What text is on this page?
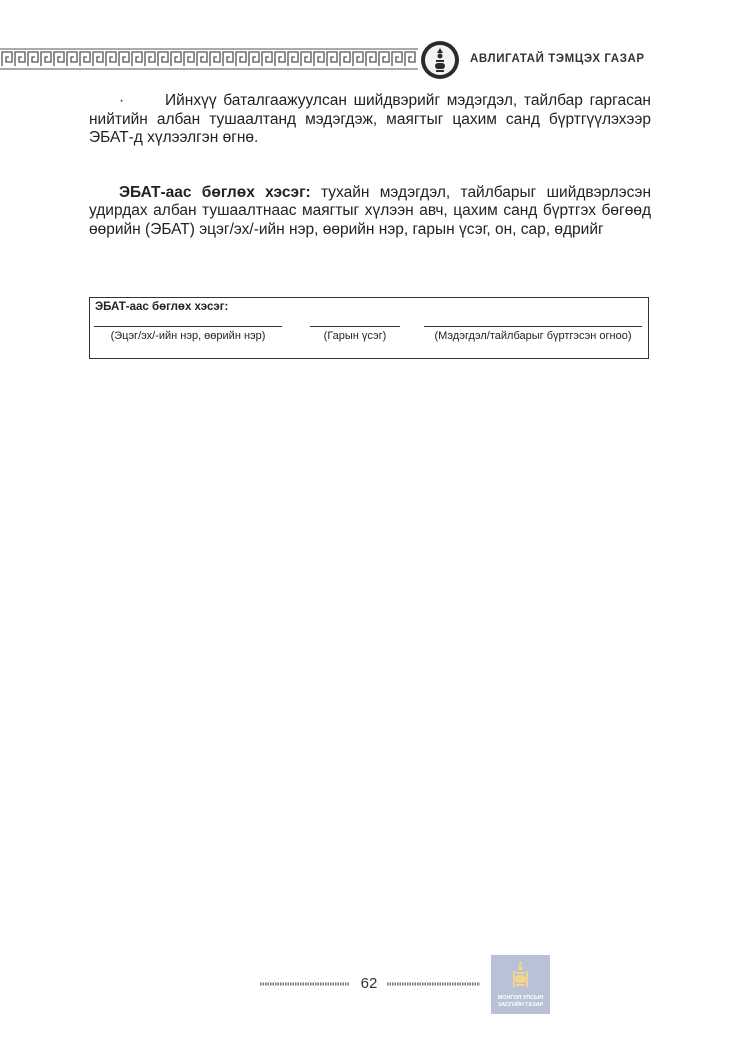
АВЛИГАТАЙ ТЭМЦЭХ ГАЗАР

·	Ийнхүү баталгаажуулсан шийдвэрийг мэдэгдэл, тайлбар гаргасан нийтийн албан тушаалтанд мэдэгдэж, маягтыг цахим санд бүртгүүлэхээр ЭБАТ-д хүлээлгэн өгнө.

ЭБАТ-аас бөглөх хэсэг: тухайн мэдэгдэл, тайлбарыг шийдвэрлэсэн удирдах албан тушаалтнаас маягтыг хүлээн авч, цахим санд бүртгэх бөгөөд өөрийн (ЭБАТ) эцэг/эх/-ийн нэр, өөрийн нэр, гарын үсэг, он, сар, өдрийг

ЭБАТ-аас бөглөх хэсэг:
(Эцэг/эх/-ийн нэр, өөрийн нэр)	(Гарын үсэг)	(Мэдэгдэл/тайлбарыг бүртгэсэн огноо)
62
МОНГОЛ УЛСЫН ЗАСГИЙН ГАЗАР
